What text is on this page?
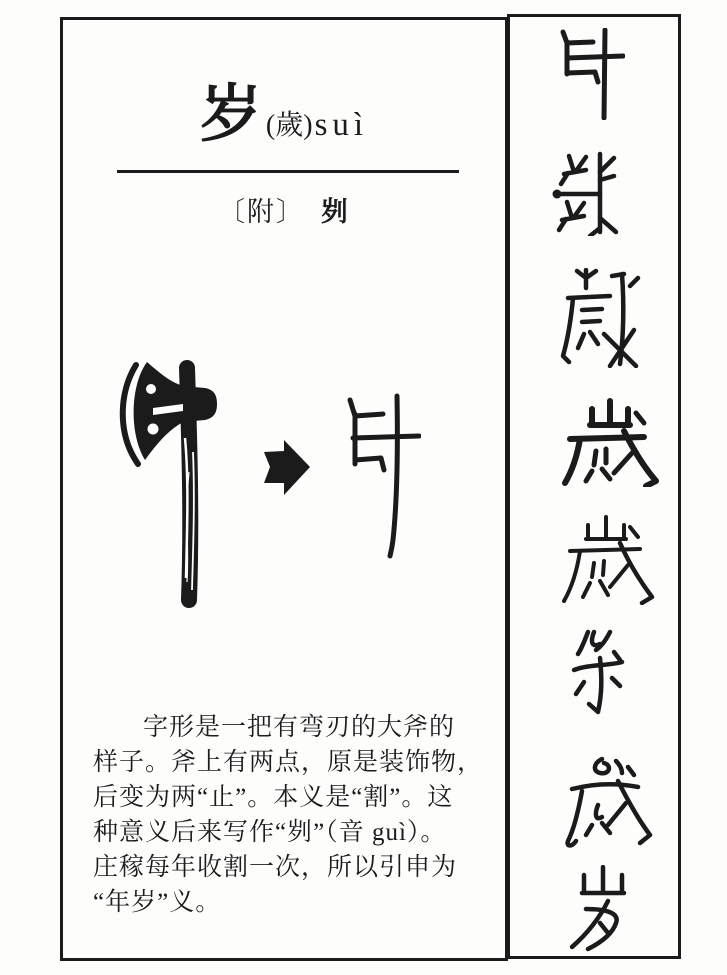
岁 (歲) suì
〔附〕 刿

字形是一把有弯刃的大斧的

样子。斧上有两点，原是装饰物，

后变为两“止”。本义是“割”。这

种意义后来写作“刿”（音 guì）。

庄稼每年收割一次，所以引申为

“年岁”义。
